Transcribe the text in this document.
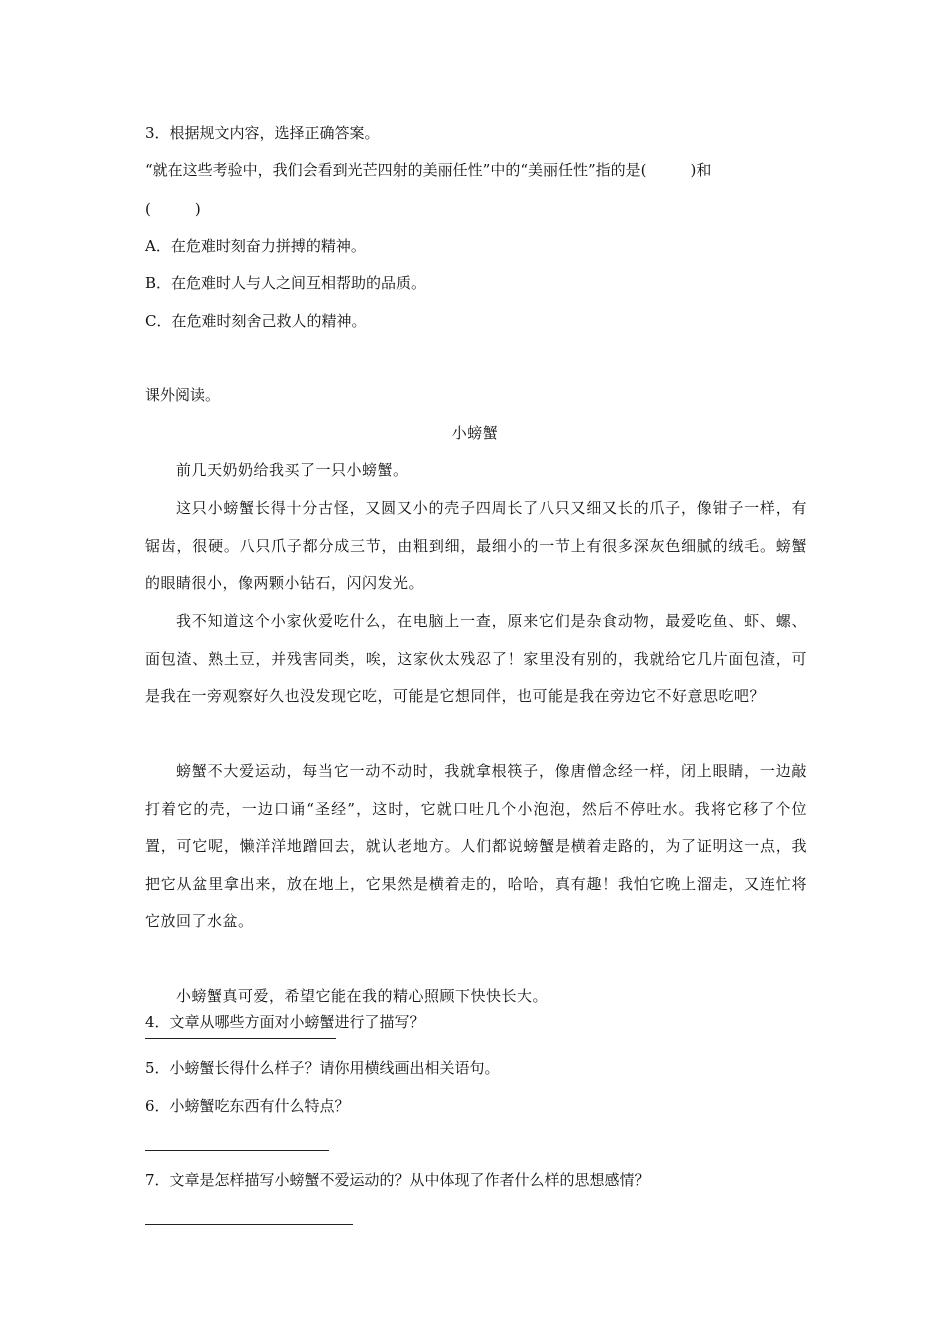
3．根据规文内容，选择正确答案。
“就在这些考验中，我们会看到光芒四射的美丽任性”中的“美丽任性”指的是(	)和
(	)
A．在危难时刻奋力拼搏的精神。
B．在危难时人与人之间互相帮助的品质。
C．在危难时刻舍己救人的精神。
课外阅读。
小螃蟹
前几天奶奶给我买了一只小螃蟹。
这只小螃蟹长得十分古怪，又圆又小的壳子四周长了八只又细又长的爪子，像钳子一样，有锯齿，很硬。八只爪子都分成三节，由粗到细，最细小的一节上有很多深灰色细腻的绒毛。螃蟹的眼睛很小，像两颗小钻石，闪闪发光。
我不知道这个小家伙爱吃什么，在电脑上一查，原来它们是杂食动物，最爱吃鱼、虾、螺、面包渣、熟土豆，并残害同类，唉，这家伙太残忍了！家里没有别的，我就给它几片面包渣，可是我在一旁观察好久也没发现它吃，可能是它想同伴，也可能是我在旁边它不好意思吃吧？
螃蟹不大爱运动，每当它一动不动时，我就拿根筷子，像唐僧念经一样，闭上眼睛，一边敲打着它的壳，一边口诵“圣经”，这时，它就口吐几个小泡泡，然后不停吐水。我将它移了个位置，可它呢，懒洋洋地蹭回去，就认老地方。人们都说螃蟹是横着走路的，为了证明这一点，我把它从盆里拿出来，放在地上，它果然是横着走的，哈哈，真有趣！我怕它晚上溜走，又连忙将它放回了水盆。
小螃蟹真可爱，希望它能在我的精心照顾下快快长大。
4．文章从哪些方面对小螃蟹进行了描写？
5．小螃蟹长得什么样子？请你用横线画出相关语句。
6．小螃蟹吃东西有什么特点？
7．文章是怎样描写小螃蟹不爱运动的？从中体现了作者什么样的思想感情？
